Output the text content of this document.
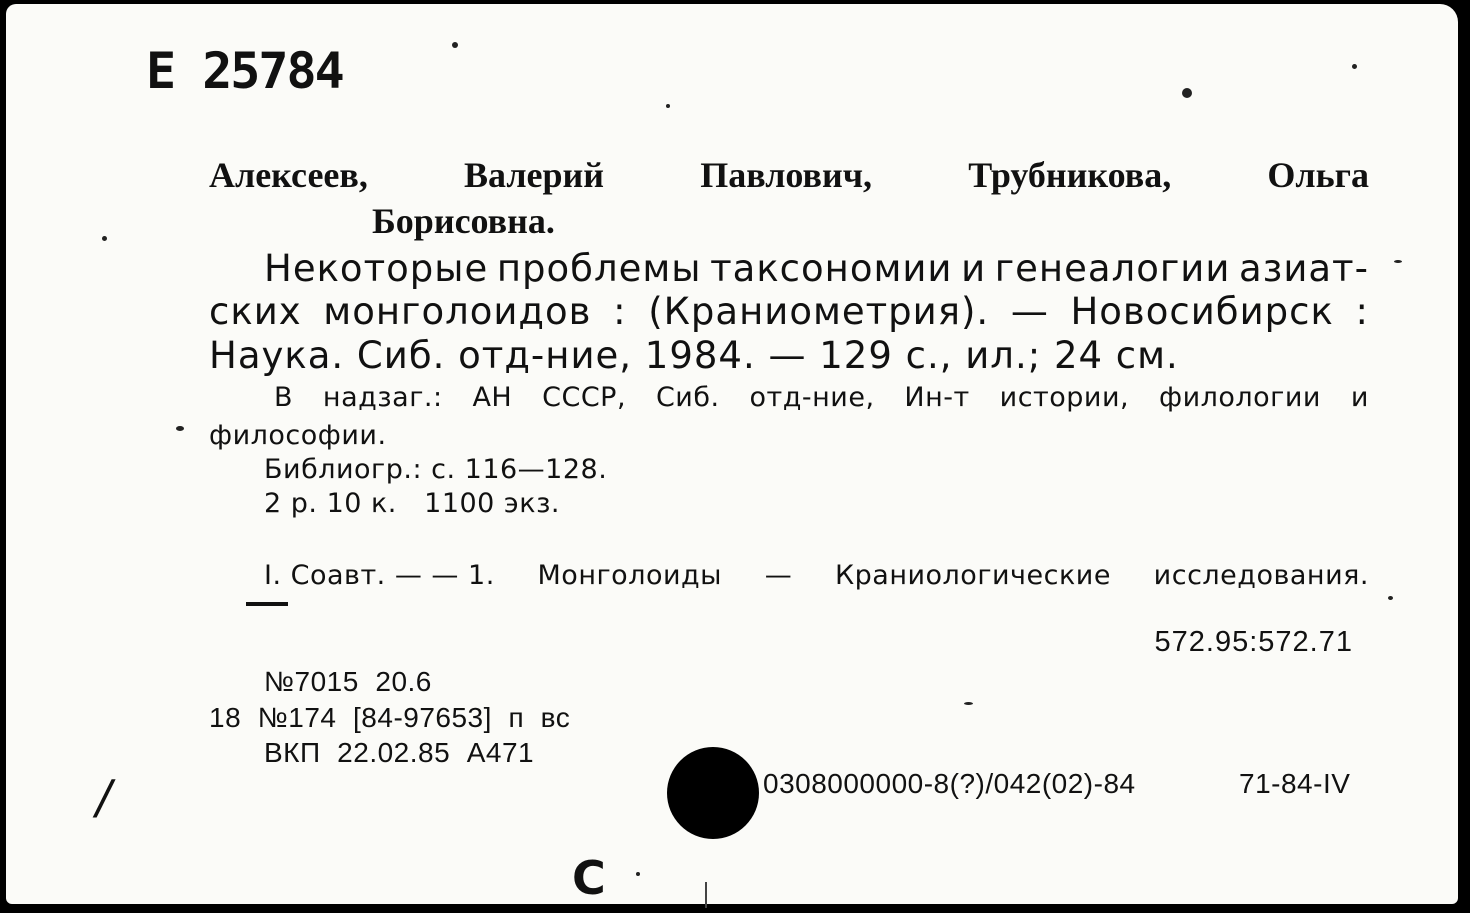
Е 25784
Алексеев,	Валерий	Павлович,	Трубникова,	Ольга
Борисовна.
Некоторые проблемы таксономии и генеалогии азиат-
ских монголоидов : (Краниометрия). — Новосибирск :
Наука. Сиб. отд-ние, 1984. — 129 с., ил.; 24 см.
В надзаг.: АН СССР, Сиб. отд-ние, Ин-т истории, филологии и
философии.
Библиогр.: с. 116—128.
2 р. 10 к.   1100 экз.
I. Соавт. — — 1. Монголоиды — Краниологические исследования.
572.95:572.71
№7015  20.6
18  №174  [84-97653]  п  вс
ВКП  22.02.85  А471
0308000000-8(?)/042(02)-84	71-84-IV
С
/
